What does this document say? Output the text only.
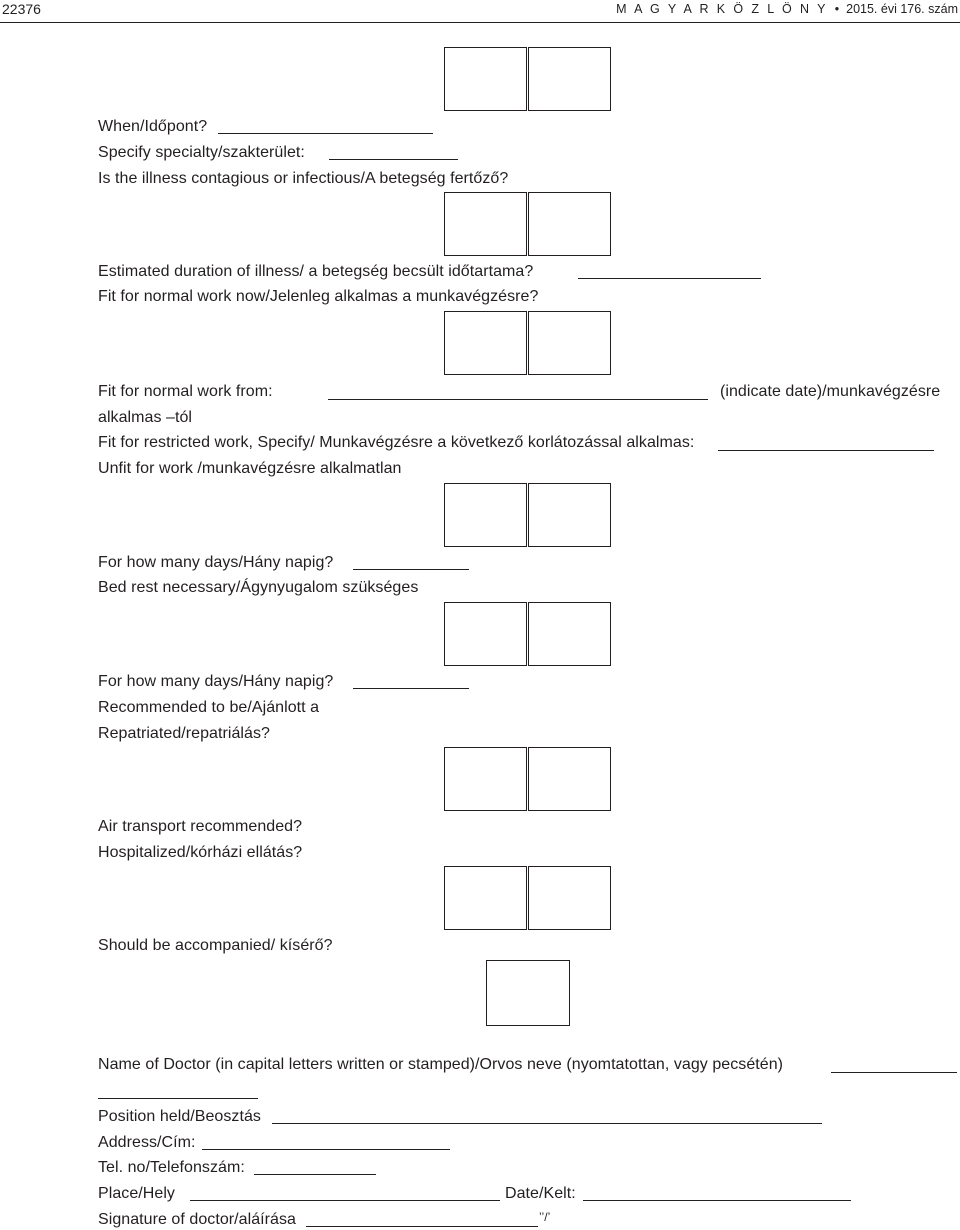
22376	M A G Y A R K Ö Z L Ö N Y • 2015. évi 176. szám
When/Időpont?
Specify specialty/szakterület:
Is the illness contagious or infectious/A betegség fertőző?
Estimated duration of illness/ a betegség becsült időtartama?
Fit for normal work now/Jelenleg alkalmas a munkavégzésre?
Fit for normal work from:	(indicate date)/munkavégzésre
alkalmas –tól
Fit for restricted work, Specify/ Munkavégzésre a következő korlátozással alkalmas:
Unfit for work /munkavégzésre alkalmatlan
For how many days/Hány napig?
Bed rest necessary/Ágynyugalom szükséges
For how many days/Hány napig?
Recommended to be/Ajánlott a
Repatriated/repatriálás?
Air transport recommended?
Hospitalized/kórházi ellátás?
Should be accompanied/ kísérő?
Name of Doctor (in capital letters written or stamped)/Orvos neve (nyomtatottan, vagy pecsétén)
Position held/Beosztás
Address/Cím:
Tel. no/Telefonszám:
Place/Hely	Date/Kelt:
Signature of doctor/aláírása	’’/’
